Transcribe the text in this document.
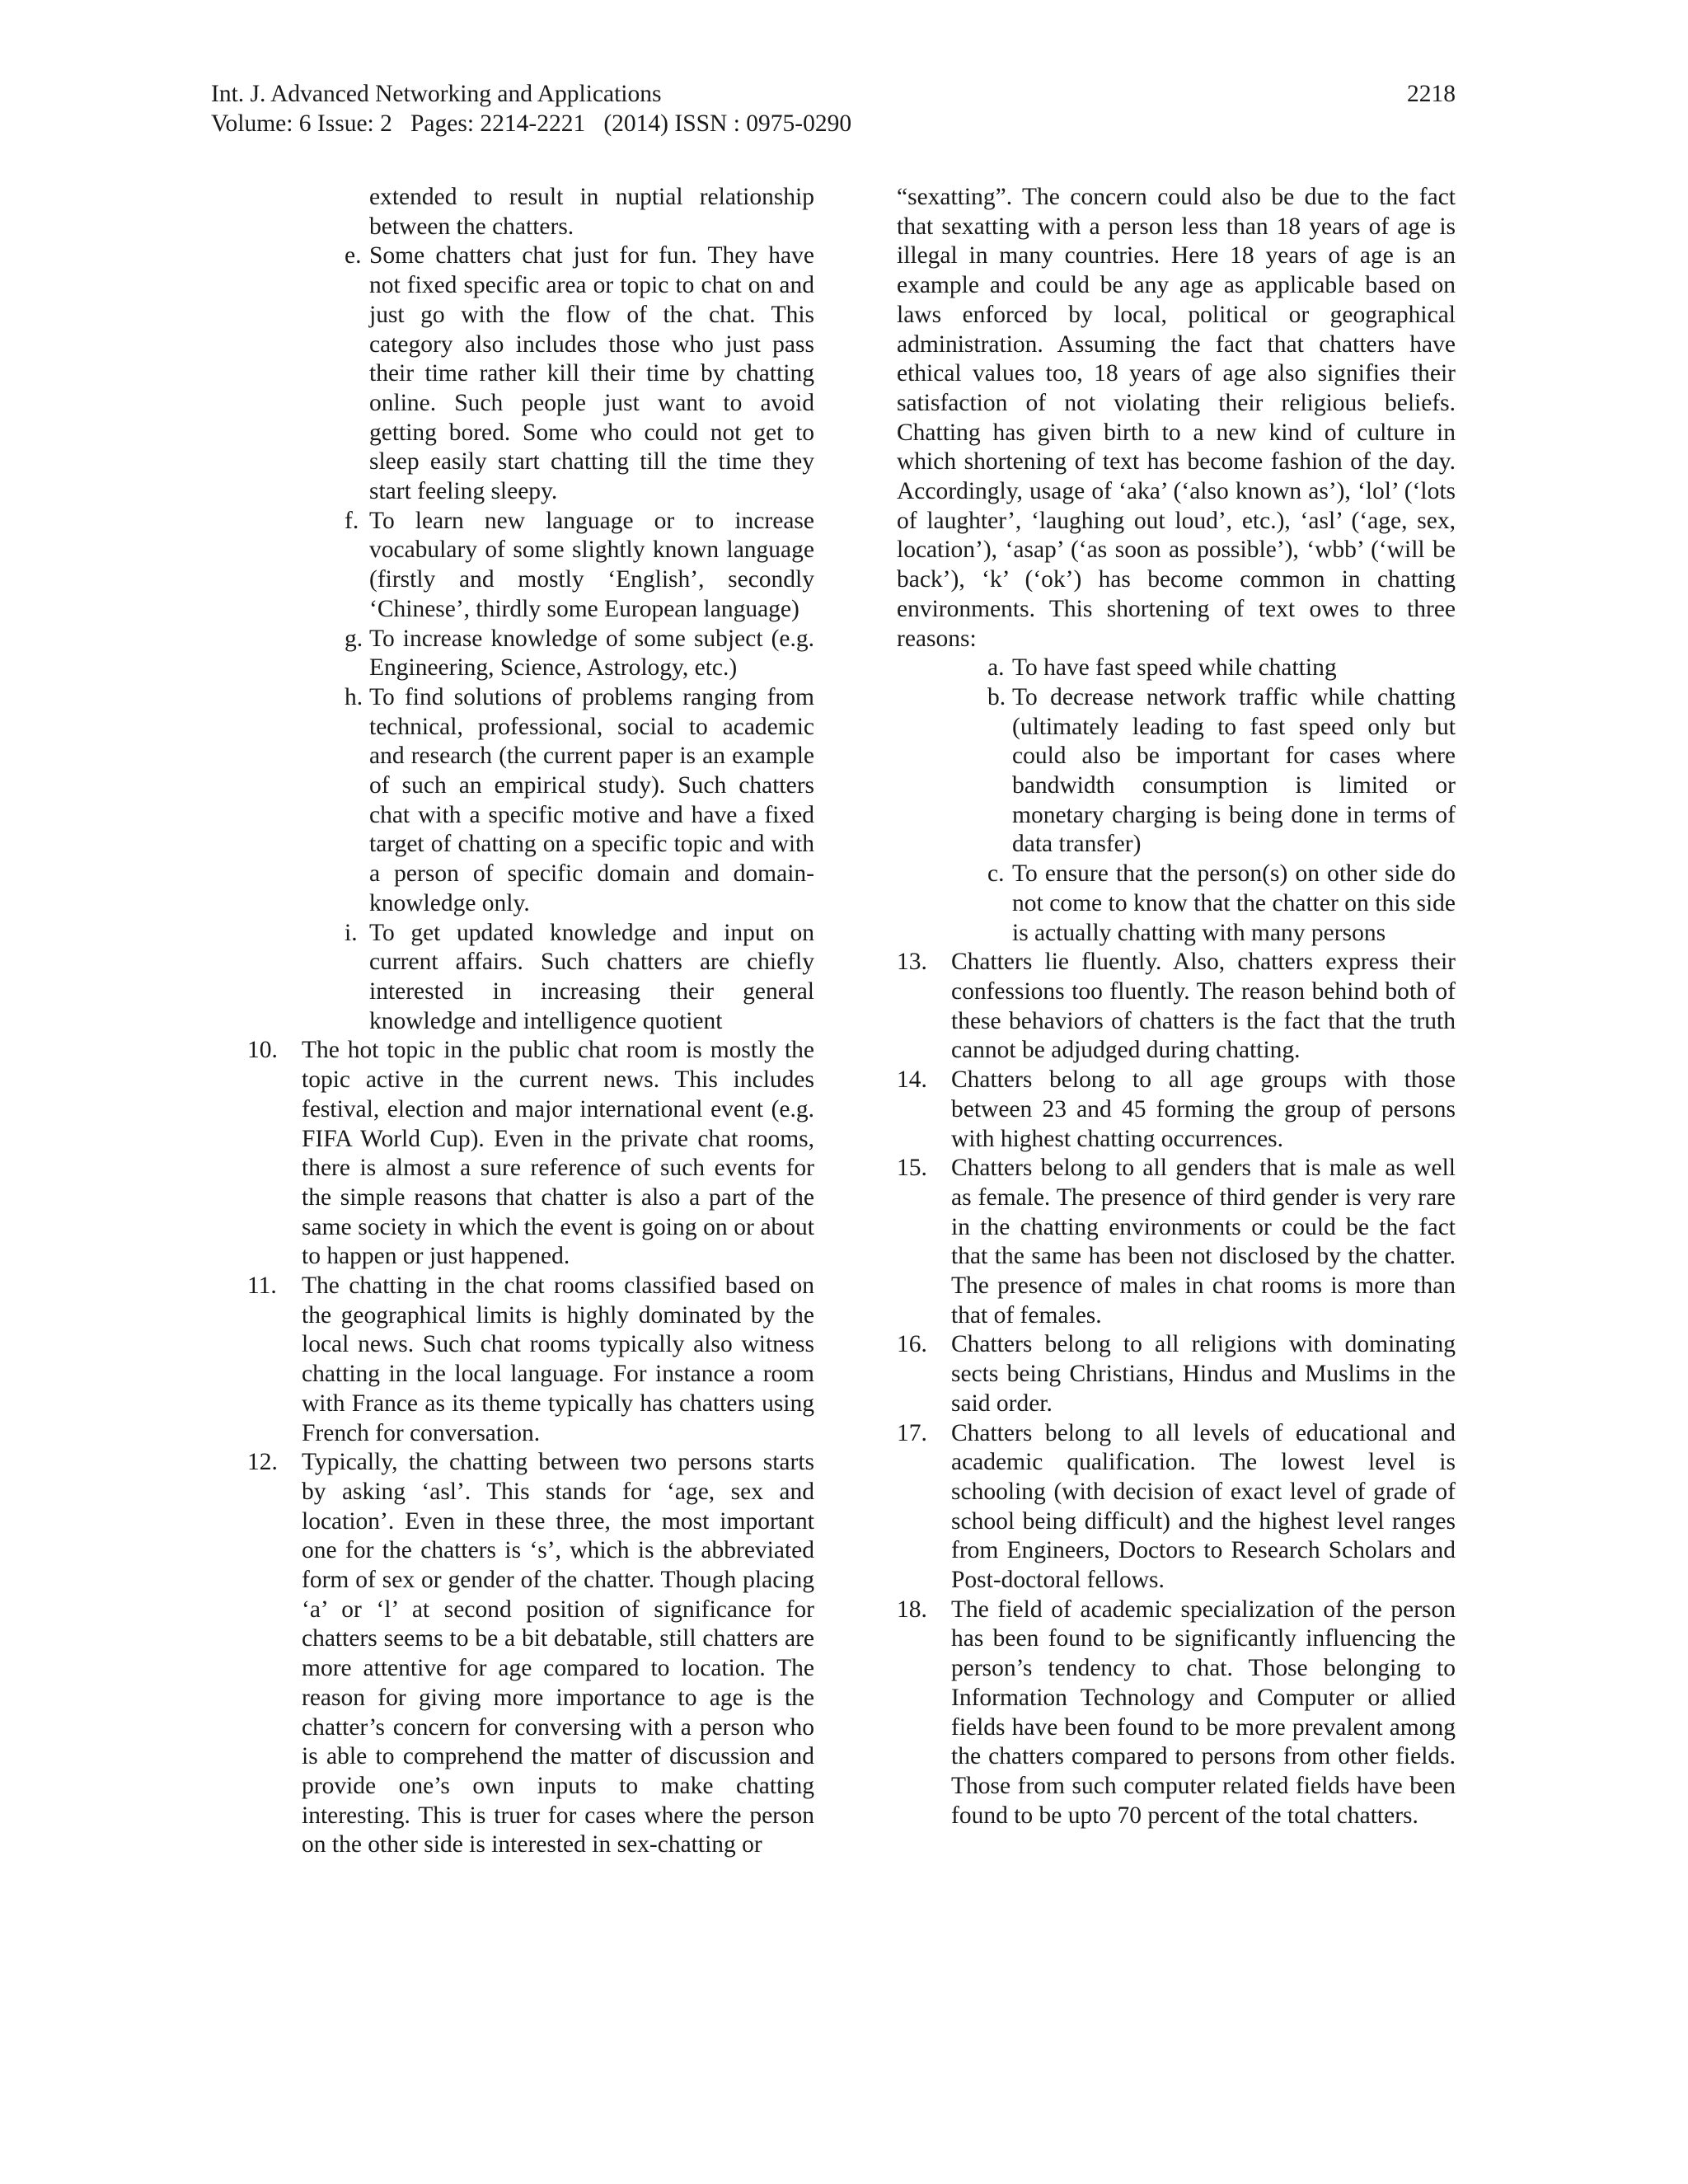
Int. J. Advanced Networking and Applications	2218
Volume: 6 Issue: 2   Pages: 2214-2221   (2014) ISSN : 0975-0290
extended to result in nuptial relationship between the chatters.
e. Some chatters chat just for fun. They have not fixed specific area or topic to chat on and just go with the flow of the chat. This category also includes those who just pass their time rather kill their time by chatting online. Such people just want to avoid getting bored. Some who could not get to sleep easily start chatting till the time they start feeling sleepy.
f. To learn new language or to increase vocabulary of some slightly known language (firstly and mostly ‘English’, secondly ‘Chinese’, thirdly some European language)
g. To increase knowledge of some subject (e.g. Engineering, Science, Astrology, etc.)
h. To find solutions of problems ranging from technical, professional, social to academic and research (the current paper is an example of such an empirical study). Such chatters chat with a specific motive and have a fixed target of chatting on a specific topic and with a person of specific domain and domain-knowledge only.
i. To get updated knowledge and input on current affairs. Such chatters are chiefly interested in increasing their general knowledge and intelligence quotient
10. The hot topic in the public chat room is mostly the topic active in the current news. This includes festival, election and major international event (e.g. FIFA World Cup). Even in the private chat rooms, there is almost a sure reference of such events for the simple reasons that chatter is also a part of the same society in which the event is going on or about to happen or just happened.
11.	The chatting in the chat rooms classified based on the geographical limits is highly dominated by the local news. Such chat rooms typically also witness chatting in the local language. For instance a room with France as its theme typically has chatters using French for conversation.
12. Typically, the chatting between two persons starts by asking ‘asl’. This stands for ‘age, sex and location’. Even in these three, the most important one for the chatters is ‘s’, which is the abbreviated form of sex or gender of the chatter. Though placing ‘a’ or ‘l’ at second position of significance for chatters seems to be a bit debatable, still chatters are more attentive for age compared to location. The reason for giving more importance to age is the chatter’s concern for conversing with a person who is able to comprehend the matter of discussion and provide one’s own inputs to make chatting interesting. This is truer for cases where the person on the other side is interested in sex-chatting or
“sexatting”. The concern could also be due to the fact that sexatting with a person less than 18 years of age is illegal in many countries. Here 18 years of age is an example and could be any age as applicable based on laws enforced by local, political or geographical administration. Assuming the fact that chatters have ethical values too, 18 years of age also signifies their satisfaction of not violating their religious beliefs. Chatting has given birth to a new kind of culture in which shortening of text has become fashion of the day. Accordingly, usage of ‘aka’ (‘also known as’), ‘lol’ (‘lots of laughter’, ‘laughing out loud’, etc.), ‘asl’ (‘age, sex, location’), ‘asap’ (‘as soon as possible’), ‘wbb’ (‘will be back’), ‘k’ (‘ok’) has become common in chatting environments. This shortening of text owes to three reasons:
a. To have fast speed while chatting
b. To decrease network traffic while chatting (ultimately leading to fast speed only but could also be important for cases where bandwidth consumption is limited or monetary charging is being done in terms of data transfer)
c. To ensure that the person(s) on other side do not come to know that the chatter on this side is actually chatting with many persons
13. Chatters lie fluently. Also, chatters express their confessions too fluently. The reason behind both of these behaviors of chatters is the fact that the truth cannot be adjudged during chatting.
14. Chatters belong to all age groups with those between 23 and 45 forming the group of persons with highest chatting occurrences.
15. Chatters belong to all genders that is male as well as female. The presence of third gender is very rare in the chatting environments or could be the fact that the same has been not disclosed by the chatter. The presence of males in chat rooms is more than that of females.
16. Chatters belong to all religions with dominating sects being Christians, Hindus and Muslims in the said order.
17. Chatters belong to all levels of educational and academic qualification. The lowest level is schooling (with decision of exact level of grade of school being difficult) and the highest level ranges from Engineers, Doctors to Research Scholars and Post-doctoral fellows.
18. The field of academic specialization of the person has been found to be significantly influencing the person’s tendency to chat. Those belonging to Information Technology and Computer or allied fields have been found to be more prevalent among the chatters compared to persons from other fields. Those from such computer related fields have been found to be upto 70 percent of the total chatters.
